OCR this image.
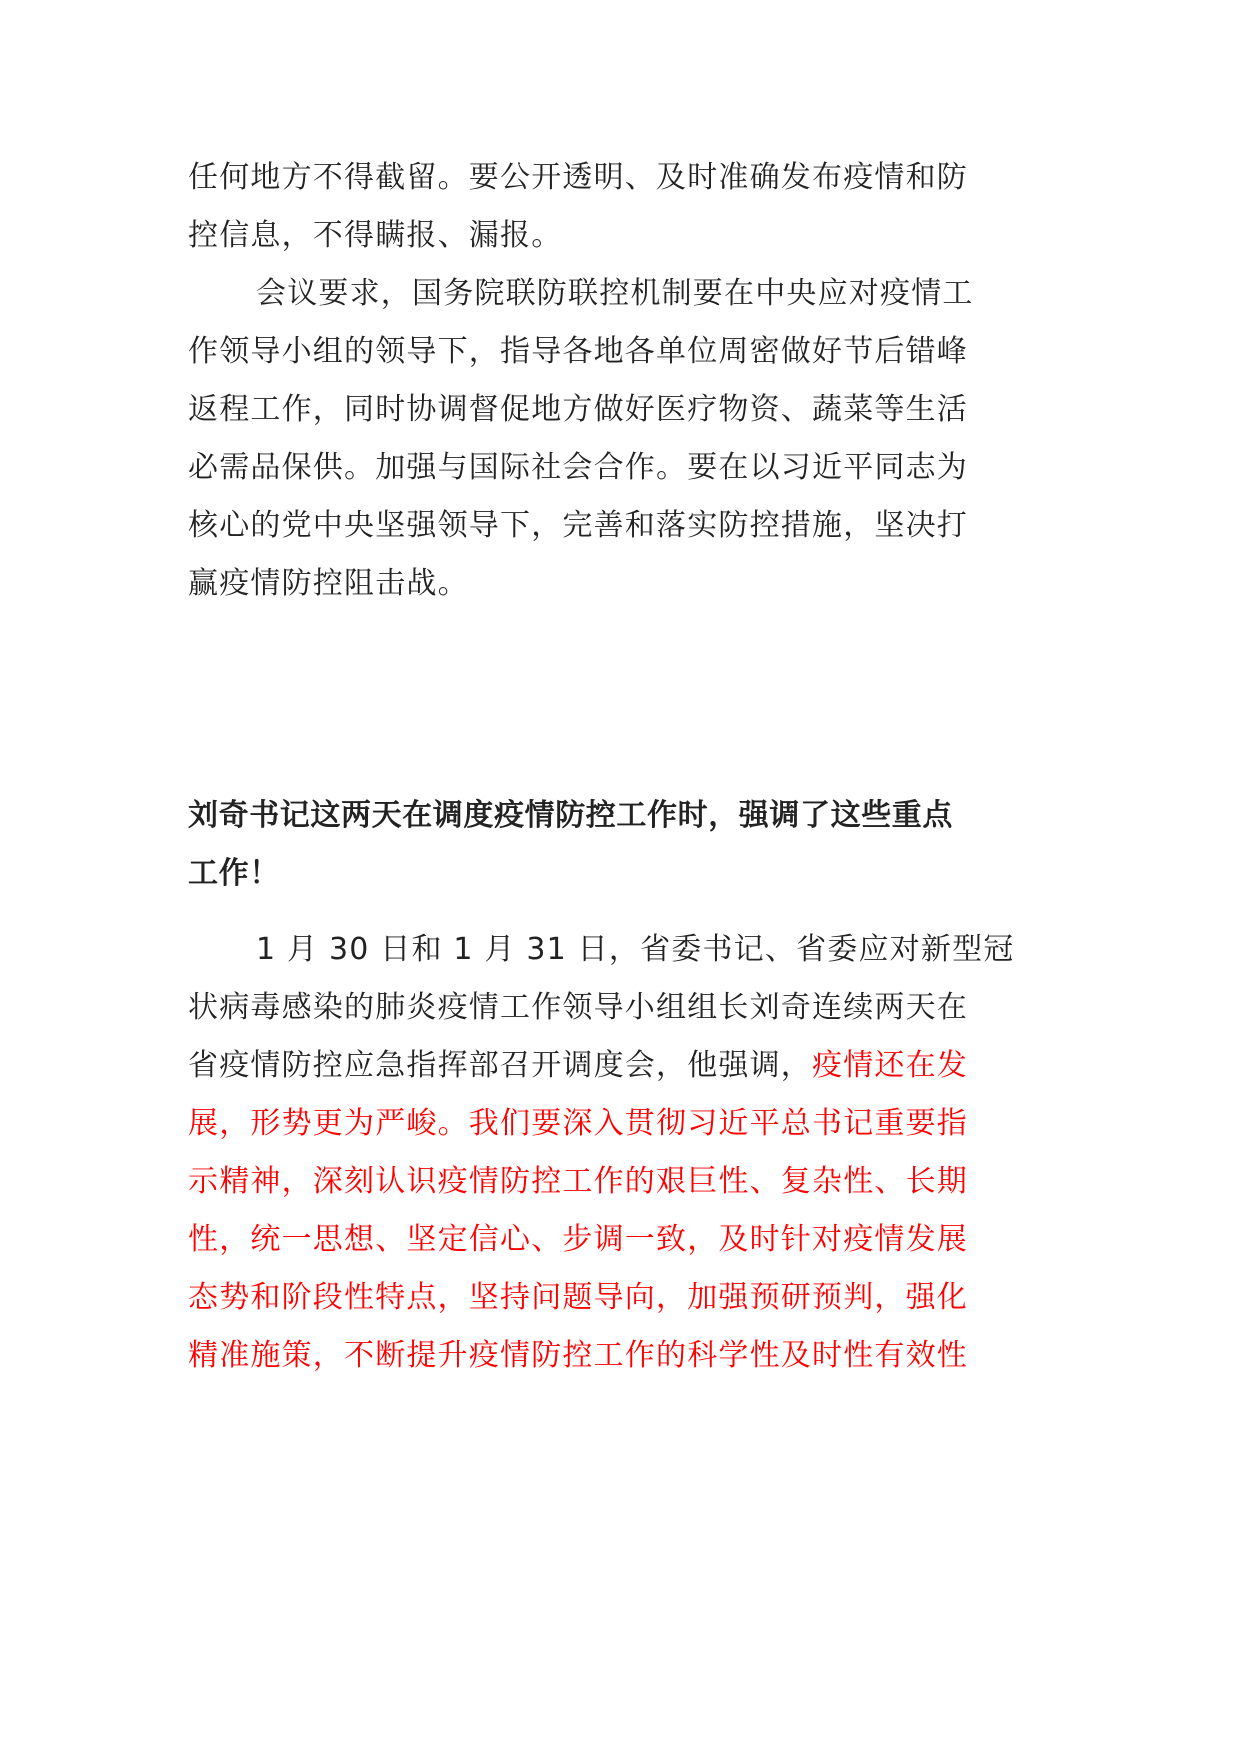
任何地方不得截留。要公开透明、及时准确发布疫情和防
控信息，不得瞒报、漏报。
会议要求，国务院联防联控机制要在中央应对疫情工
作领导小组的领导下，指导各地各单位周密做好节后错峰
返程工作，同时协调督促地方做好医疗物资、蔬菜等生活
必需品保供。加强与国际社会合作。要在以习近平同志为
核心的党中央坚强领导下，完善和落实防控措施，坚决打
赢疫情防控阻击战。
刘奇书记这两天在调度疫情防控工作时，强调了这些重点
工作！
1 月 30 日和 1 月 31 日，省委书记、省委应对新型冠
状病毒感染的肺炎疫情工作领导小组组长刘奇连续两天在
省疫情防控应急指挥部召开调度会，他强调，疫情还在发
展，形势更为严峻。我们要深入贯彻习近平总书记重要指
示精神，深刻认识疫情防控工作的艰巨性、复杂性、长期
性，统一思想、坚定信心、步调一致，及时针对疫情发展
态势和阶段性特点，坚持问题导向，加强预研预判，强化
精准施策，不断提升疫情防控工作的科学性及时性有效性
